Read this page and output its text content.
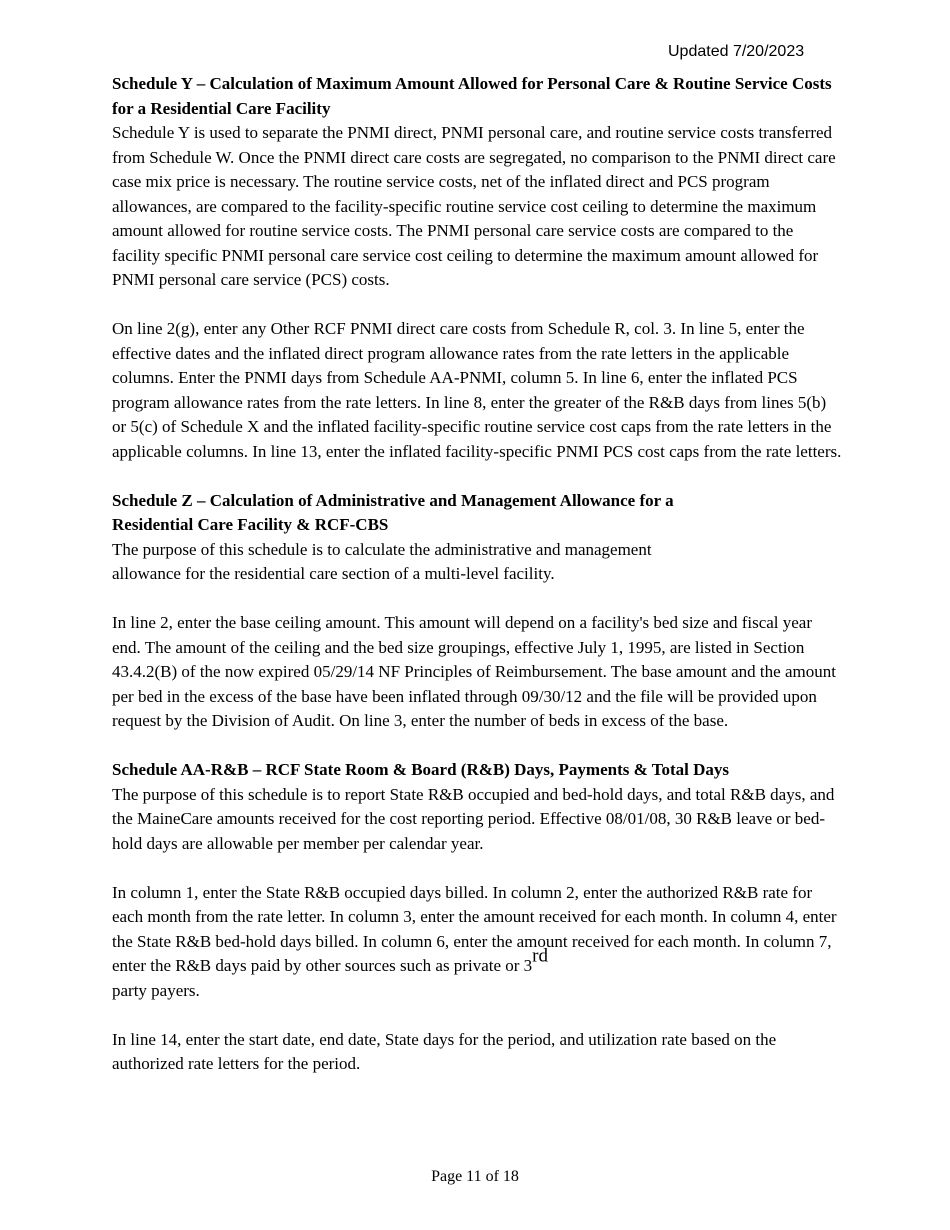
Updated 7/20/2023

Schedule Y – Calculation of Maximum Amount Allowed for Personal Care & Routine Service Costs for a Residential Care Facility

Schedule Y is used to separate the PNMI direct, PNMI personal care, and routine service costs transferred from Schedule W. Once the PNMI direct care costs are segregated, no comparison to the PNMI direct care case mix price is necessary. The routine service costs, net of the inflated direct and PCS program allowances, are compared to the facility-specific routine service cost ceiling to determine the maximum amount allowed for routine service costs. The PNMI personal care service costs are compared to the facility specific PNMI personal care service cost ceiling to determine the maximum amount allowed for PNMI personal care service (PCS) costs.

On line 2(g), enter any Other RCF PNMI direct care costs from Schedule R, col. 3. In line 5, enter the effective dates and the inflated direct program allowance rates from the rate letters in the applicable columns. Enter the PNMI days from Schedule AA-PNMI, column 5. In line 6, enter the inflated PCS program allowance rates from the rate letters. In line 8, enter the greater of the R&B days from lines 5(b) or 5(c) of Schedule X and the inflated facility-specific routine service cost caps from the rate letters in the applicable columns. In line 13, enter the inflated facility-specific PNMI PCS cost caps from the rate letters.

Schedule Z – Calculation of Administrative and Management Allowance for a
Residential Care Facility & RCF-CBS

The purpose of this schedule is to calculate the administrative and management
allowance for the residential care section of a multi-level facility.

In line 2, enter the base ceiling amount. This amount will depend on a facility's bed size and fiscal year end. The amount of the ceiling and the bed size groupings, effective July 1, 1995, are listed in Section 43.4.2(B) of the now expired 05/29/14 NF Principles of Reimbursement. The base amount and the amount per bed in the excess of the base have been inflated through 09/30/12 and the file will be provided upon request by the Division of Audit. On line 3, enter the number of beds in excess of the base.

Schedule AA-R&B – RCF State Room & Board (R&B) Days, Payments & Total Days

The purpose of this schedule is to report State R&B occupied and bed-hold days, and total R&B days, and the MaineCare amounts received for the cost reporting period. Effective 08/01/08, 30 R&B leave or bed- hold days are allowable per member per calendar year.

In column 1, enter the State R&B occupied days billed. In column 2, enter the authorized R&B rate for each month from the rate letter. In column 3, enter the amount received for each month. In column 4, enter the State R&B bed-hold days billed. In column 6, enter the amount received for each month. In column 7, enter the R&B days paid by other sources such as private or 3rd
party payers.

In line 14, enter the start date, end date, State days for the period, and utilization rate based on the authorized rate letters for the period.

Page 11 of 18
